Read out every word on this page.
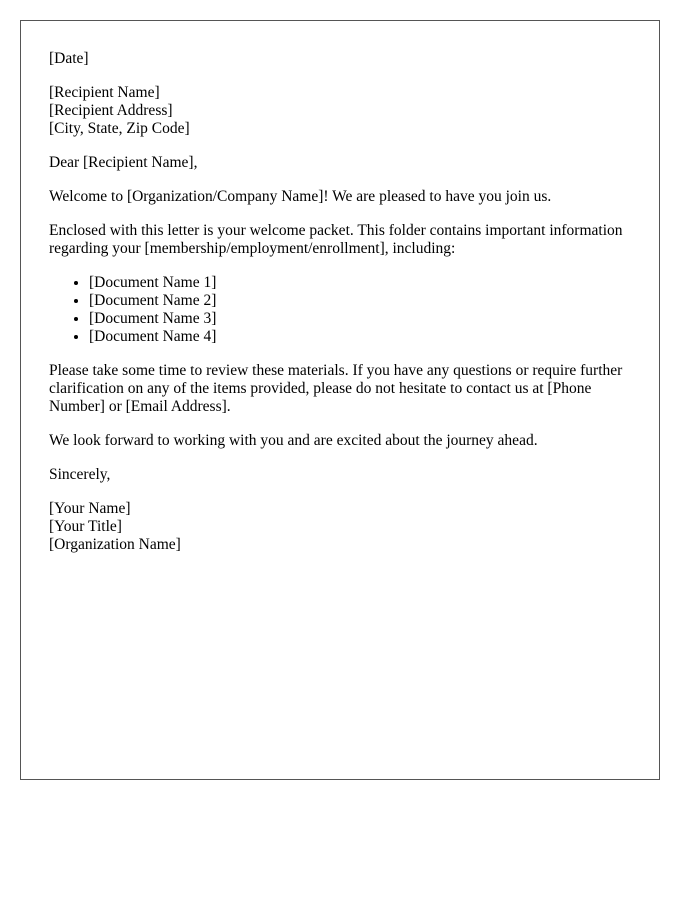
[Date]
[Recipient Name]
[Recipient Address]
[City, State, Zip Code]

Dear [Recipient Name],

Welcome to [Organization/Company Name]! We are pleased to have you join us.

Enclosed with this letter is your welcome packet. This folder contains important information regarding your [membership/employment/enrollment], including:

• [Document Name 1]
• [Document Name 2]
• [Document Name 3]
• [Document Name 4]

Please take some time to review these materials. If you have any questions or require further clarification on any of the items provided, please do not hesitate to contact us at [Phone Number] or [Email Address].

We look forward to working with you and are excited about the journey ahead.

Sincerely,

[Your Name]
[Your Title]
[Organization Name]
